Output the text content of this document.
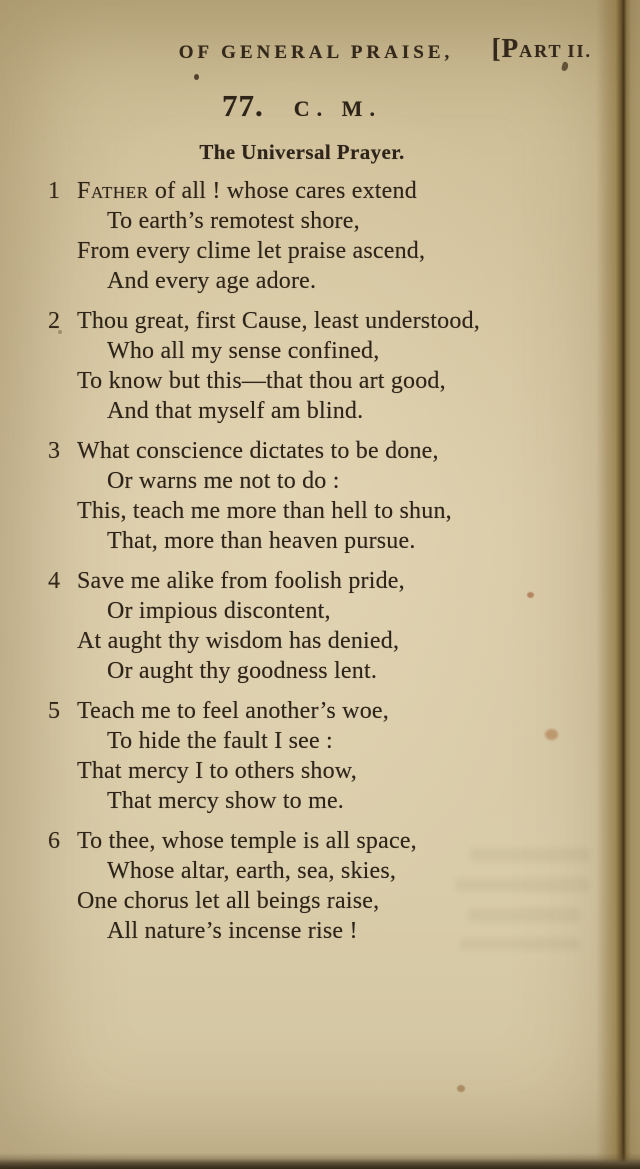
OF GENERAL PRAISE,	[PART II.
77. C. M.
The Universal Prayer.
1 Father of all ! whose cares extend
To earth’s remotest shore,
From every clime let praise ascend,
And every age adore.
2 Thou great, first Cause, least understood,
Who all my sense confined,
To know but this—that thou art good,
And that myself am blind.
3 What conscience dictates to be done,
Or warns me not to do :
This, teach me more than hell to shun,
That, more than heaven pursue.
4 Save me alike from foolish pride,
Or impious discontent,
At aught thy wisdom has denied,
Or aught thy goodness lent.
5 Teach me to feel another’s woe,
To hide the fault I see :
That mercy I to others show,
That mercy show to me.
6 To thee, whose temple is all space,
Whose altar, earth, sea, skies,
One chorus let all beings raise,
All nature’s incense rise !
